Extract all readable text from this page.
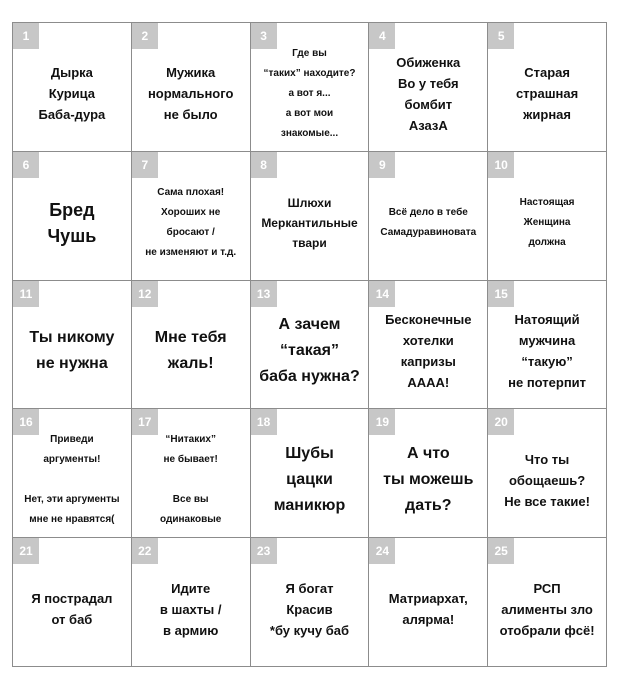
1
Дырка
Курица
Баба-дура
2
Мужика
нормального
не было
3
Где вы
“таких” находите?
а вот я...
а вот мои
знакомые...
4
Обиженка
Во у тебя
бомбит
АзазА
5
Старая
страшная
жирная
6
Бред
Чушь
7
Сама плохая!
Хороших не
бросают /
не изменяют и т.д.
8
Шлюхи
Меркантильные
твари
9
Всё дело в тебе
Самадуравиновата
10
Настоящая
Женщина
должна
11
Ты никому
не нужна
12
Мне тебя
жаль!
13
А зачем
“такая”
баба нужна?
14
Бесконечные
хотелки
капризы
АААА!
15
Натоящий
мужчина
“такую”
не потерпит
16
Приведи
аргументы!

Нет, эти аргументы
мне не нравятся(
17
“Нитаких”
не бывает!

Все вы
одинаковые
18
Шубы
цацки
маникюр
19
А что
ты можешь
дать?
20
Что ты
обощаешь?
Не все такие!
21
Я пострадал
от баб
22
Идите
в шахты /
в армию
23
Я богат
Красив
*бу кучу баб
24
Матриархат,
алярма!
25
РСП
алименты зло
отобрали фсё!
